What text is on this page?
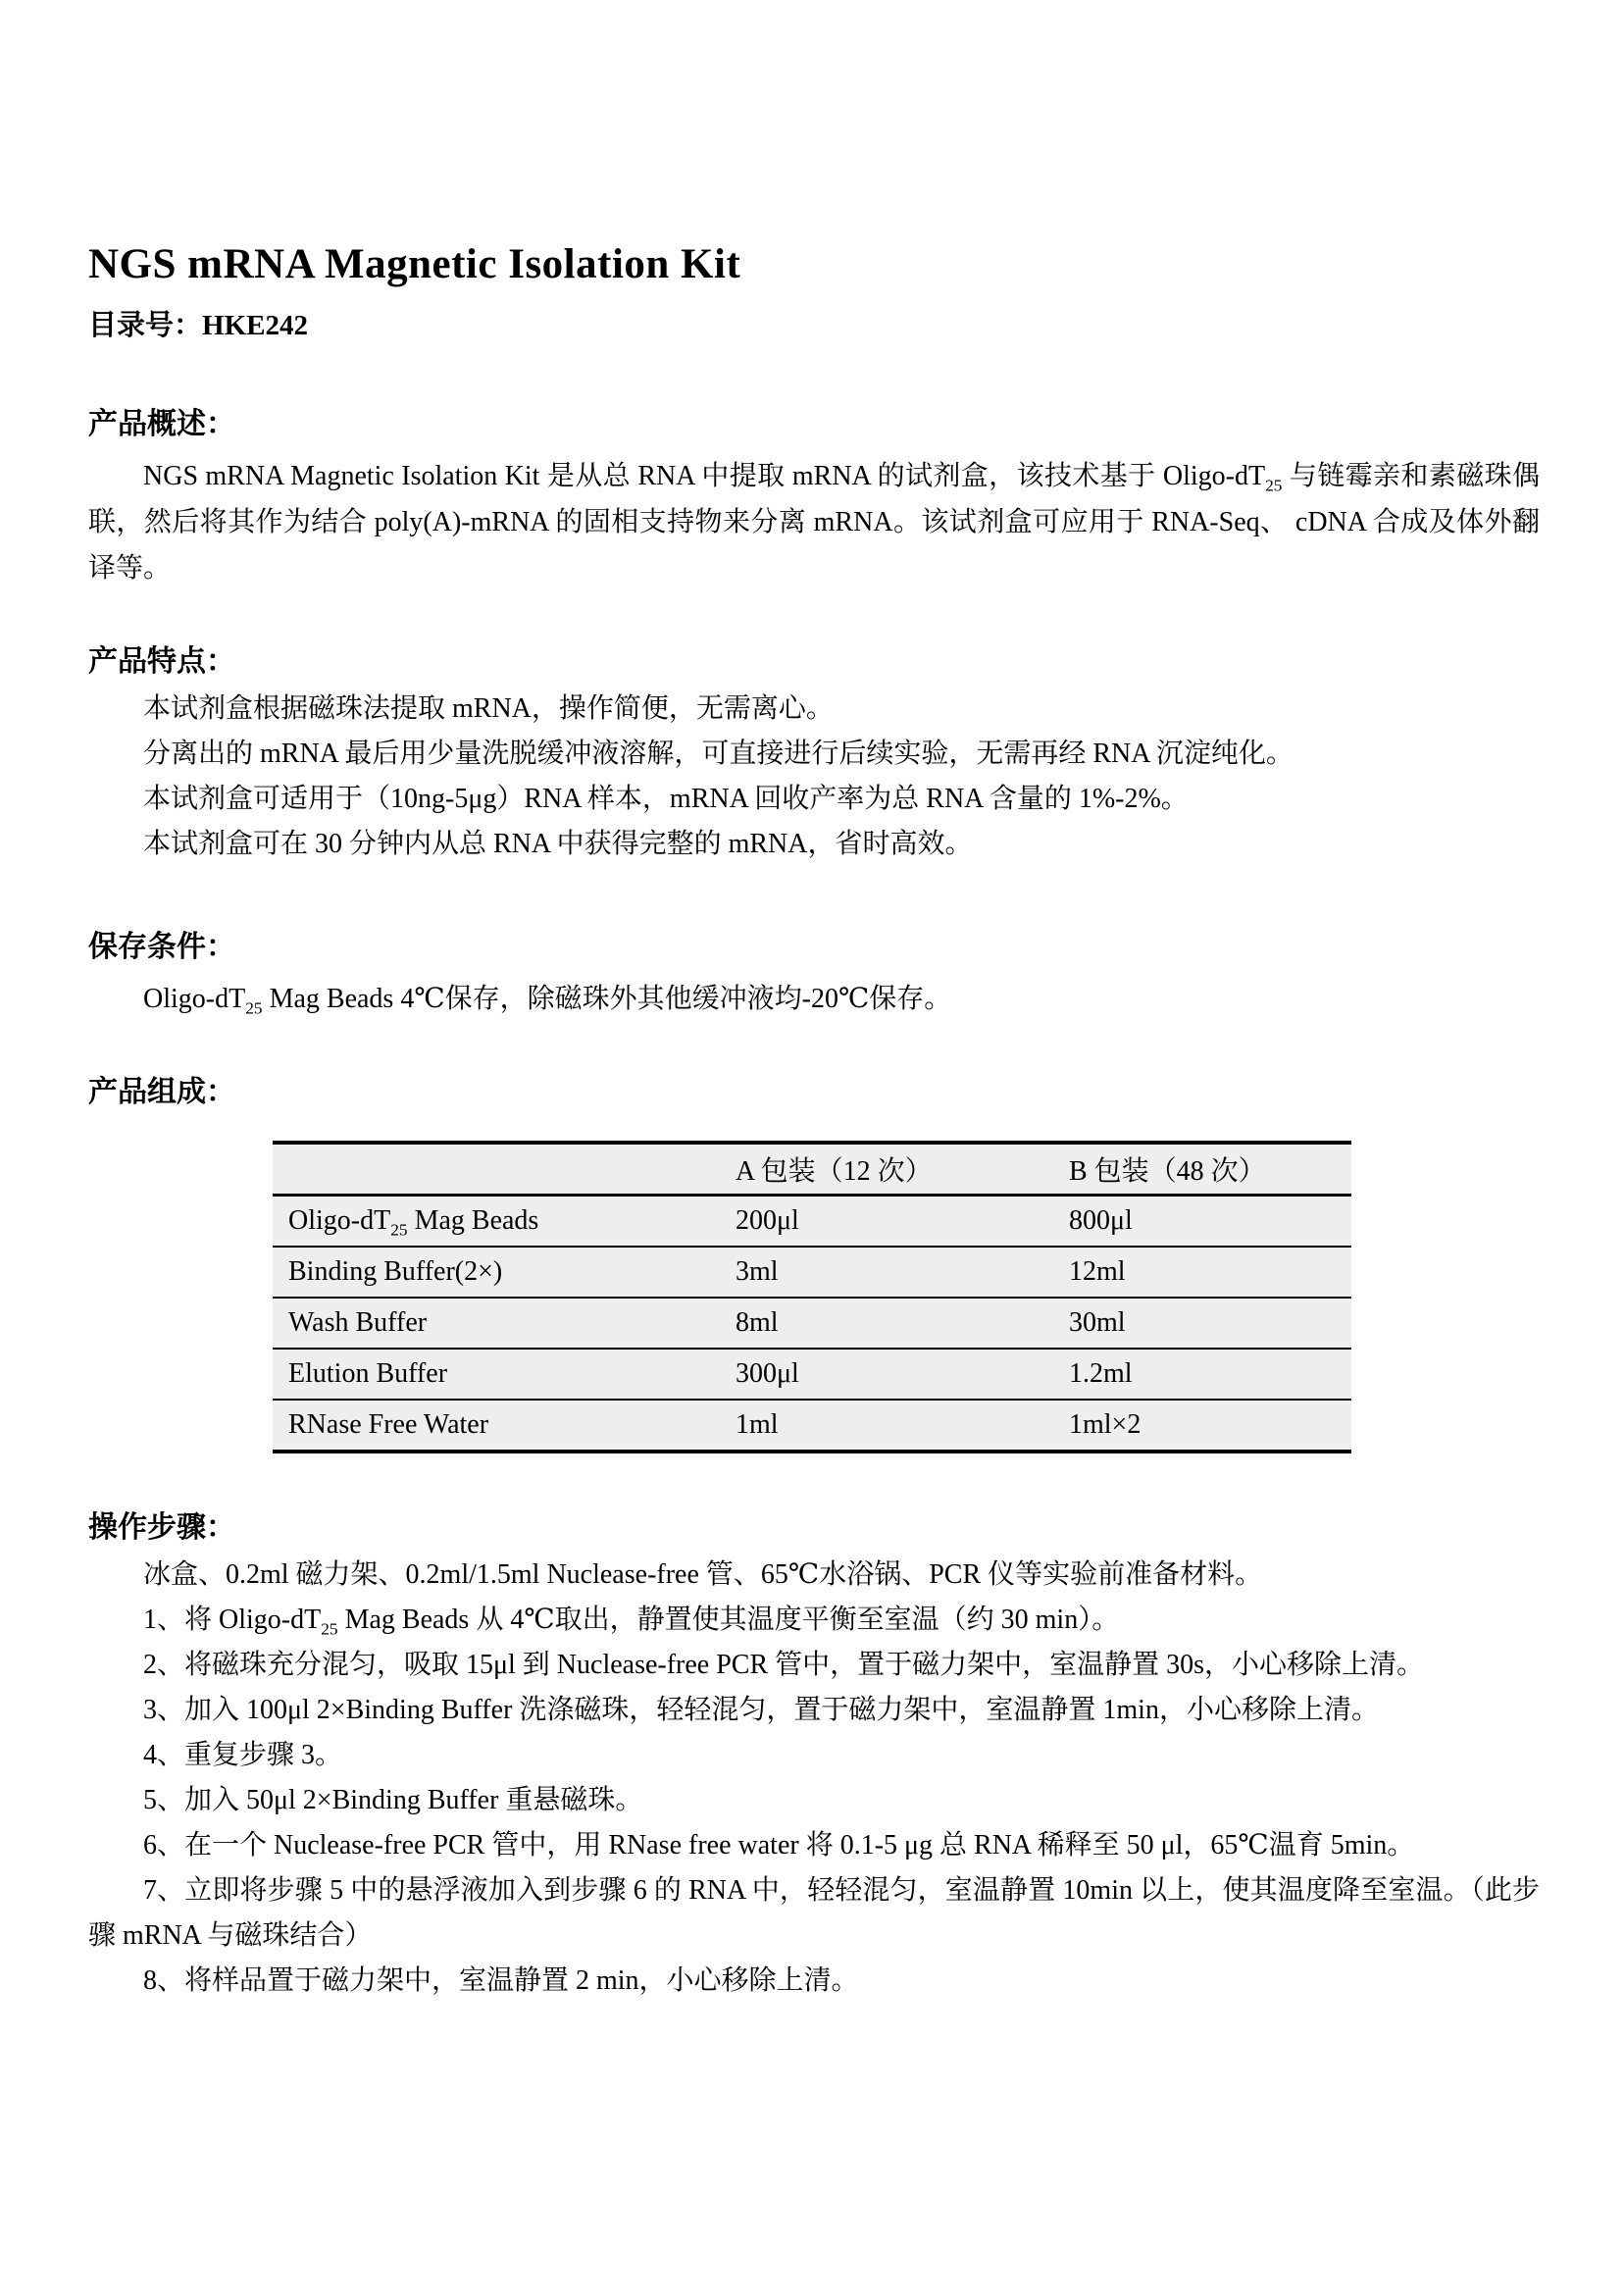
NGS mRNA Magnetic Isolation Kit

目录号：HKE242

产品概述：

NGS mRNA Magnetic Isolation Kit 是从总 RNA 中提取 mRNA 的试剂盒，该技术基于 Oligo-$dT_{25}$ 与链霉亲和素磁珠偶联，然后将其作为结合 poly(A)-mRNA 的固相支持物来分离 mRNA。该试剂盒可应用于 RNA-Seq、 cDNA 合成及体外翻译等。

产品特点：

本试剂盒根据磁珠法提取 mRNA，操作简便，无需离心。

分离出的 mRNA 最后用少量洗脱缓冲液溶解，可直接进行后续实验，无需再经 RNA 沉淀纯化。

本试剂盒可适用于（10ng-5μg）RNA 样本，mRNA 回收产率为总 RNA 含量的 1%-2%。

本试剂盒可在 30 分钟内从总 RNA 中获得完整的 mRNA，省时高效。

保存条件：

Oligo-$dT_{25}$ Mag Beads 4℃保存，除磁珠外其他缓冲液均-20℃保存。

产品组成：
	A 包装（12 次）	B 包装（48 次）
Oligo-$dT_{25}$ Mag Beads	200μl	800μl
Binding Buffer(2×)	3ml	12ml
Wash Buffer	8ml	30ml
Elution Buffer	300μl	1.2ml
RNase Free Water	1ml	1ml×2
操作步骤：

冰盒、0.2ml 磁力架、0.2ml/1.5ml Nuclease-free 管、65℃水浴锅、PCR 仪等实验前准备材料。

1、将 Oligo-$dT_{25}$ Mag Beads 从 4℃取出，静置使其温度平衡至室温（约 30 min）。

2、将磁珠充分混匀，吸取 15μl 到 Nuclease-free PCR 管中，置于磁力架中，室温静置 30s，小心移除上清。

3、加入 100μl 2×Binding Buffer 洗涤磁珠，轻轻混匀，置于磁力架中，室温静置 1min，小心移除上清。

4、重复步骤 3。

5、加入 50μl 2×Binding Buffer 重悬磁珠。

6、在一个 Nuclease-free PCR 管中，用 RNase free water 将 0.1-5 μg 总 RNA 稀释至 50 μl，65℃温育 5min。

7、立即将步骤 5 中的悬浮液加入到步骤 6 的 RNA 中，轻轻混匀，室温静置 10min 以上，使其温度降至室温。（此步骤 mRNA 与磁珠结合）

8、将样品置于磁力架中，室温静置 2 min，小心移除上清。
